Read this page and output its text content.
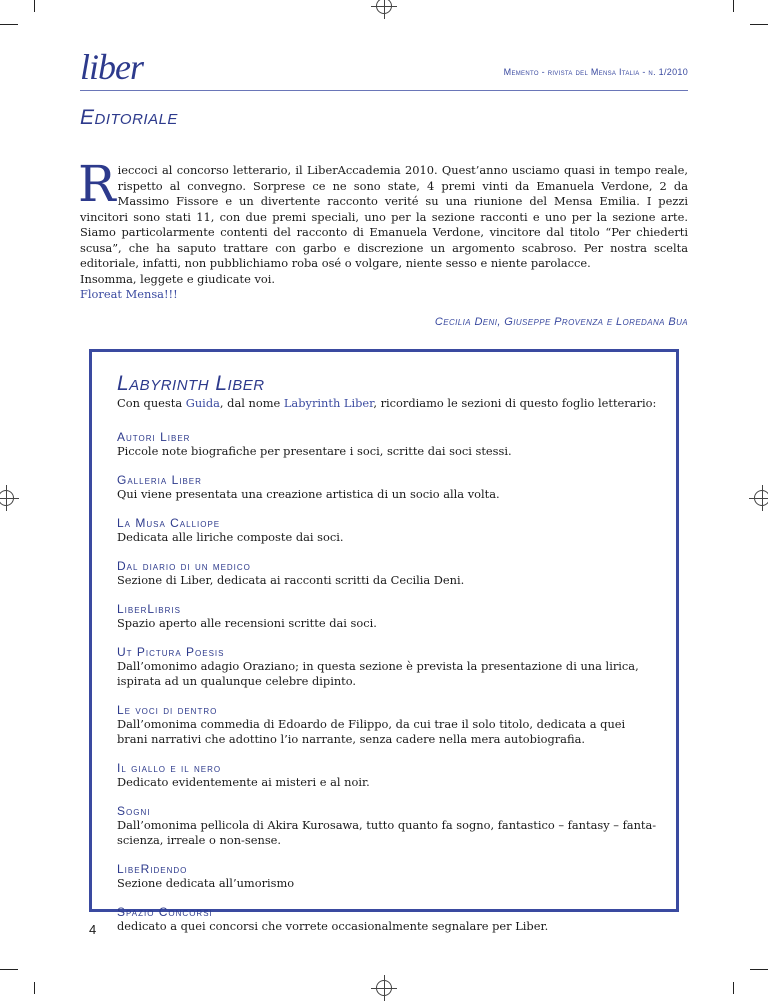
liber	Memento - rivista del Mensa Italia - n. 1/2010
Editoriale
Rieccoci al concorso letterario, il LiberAccademia 2010. Quest’anno usciamo quasi in tempo reale, rispetto al convegno. Sorprese ce ne sono state, 4 premi vinti da Emanuela Verdone, 2 da Massimo Fissore e un divertente racconto verité su una riunione del Mensa Emilia. I pezzi vincitori sono stati 11, con due premi speciali, uno per la sezione racconti e uno per la sezione arte. Siamo particolarmente contenti del racconto di Emanuela Verdone, vincitore dal titolo “Per chiederti scusa”, che ha saputo trattare con garbo e discrezione un argomento scabroso. Per nostra scelta editoriale, infatti, non pubblichiamo roba osé o volgare, niente sesso e niente parolacce.
Insomma, leggete e giudicate voi.
Floreat Mensa!!!
Cecilia Deni, Giuseppe Provenza e Loredana Bua
Labyrinth Liber
Con questa Guida, dal nome Labyrinth Liber, ricordiamo le sezioni di questo foglio letterario:
Autori Liber
Piccole note biografiche per presentare i soci, scritte dai soci stessi.
Galleria Liber
Qui viene presentata una creazione artistica di un socio alla volta.
La Musa Calliope
Dedicata alle liriche composte dai soci.
Dal diario di un medico
Sezione di Liber, dedicata ai racconti scritti da Cecilia Deni.
LiberLibris
Spazio aperto alle recensioni scritte dai soci.
Ut Pictura Poesis
Dall’omonimo adagio Oraziano; in questa sezione è prevista la presentazione di una lirica, ispirata ad un qualunque celebre dipinto.
Le voci di dentro
Dall’omonima commedia di Edoardo de Filippo, da cui trae il solo titolo, dedicata a quei brani narrativi che adottino l’io narrante, senza cadere nella mera autobiografia.
Il giallo e il nero
Dedicato evidentemente ai misteri e al noir.
Sogni
Dall’omonima pellicola di Akira Kurosawa, tutto quanto fa sogno, fantastico – fantasy – fanta-scienza, irreale o non-sense.
LibeRidendo
Sezione dedicata all’umorismo
Spazio Concorsi
dedicato a quei concorsi che vorrete occasionalmente segnalare per Liber.
4
